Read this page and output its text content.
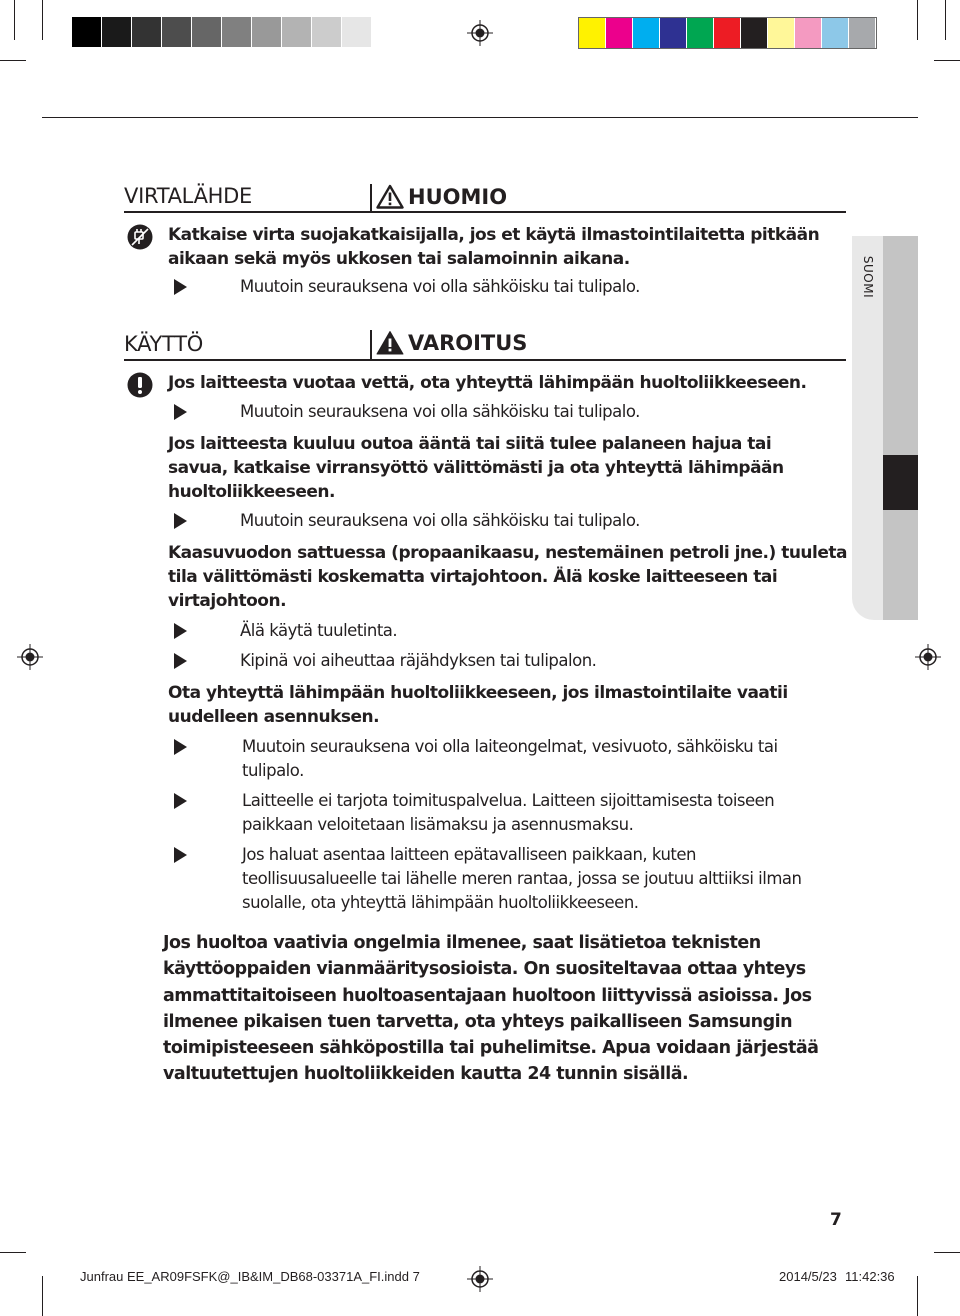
SUOMI
VIRTALÄHDE	HUOMIO
Katkaise virta suojakatkaisijalla, jos et käytä ilmastointilaitetta pitkään
aikaan sekä myös ukkosen tai salamoinnin aikana.
Muutoin seurauksena voi olla sähköisku tai tulipalo.
KÄYTTÖ	VAROITUS
Jos laitteesta vuotaa vettä, ota yhteyttä lähimpään huoltoliikkeeseen.
Muutoin seurauksena voi olla sähköisku tai tulipalo.
Jos laitteesta kuuluu outoa ääntä tai siitä tulee palaneen hajua tai
savua, katkaise virransyöttö välittömästi ja ota yhteyttä lähimpään
huoltoliikkeeseen.
Muutoin seurauksena voi olla sähköisku tai tulipalo.
Kaasuvuodon sattuessa (propaanikaasu, nestemäinen petroli jne.) tuuleta
tila välittömästi koskematta virtajohtoon. Älä koske laitteeseen tai
virtajohtoon.
Älä käytä tuuletinta.
Kipinä voi aiheuttaa räjähdyksen tai tulipalon.
Ota yhteyttä lähimpään huoltoliikkeeseen, jos ilmastointilaite vaatii
uudelleen asennuksen.
Muutoin seurauksena voi olla laiteongelmat, vesivuoto, sähköisku tai
tulipalo.
Laitteelle ei tarjota toimituspalvelua. Laitteen sijoittamisesta toiseen
paikkaan veloitetaan lisämaksu ja asennusmaksu.
Jos haluat asentaa laitteen epätavalliseen paikkaan, kuten
teollisuusalueelle tai lähelle meren rantaa, jossa se joutuu alttiiksi ilman
suolalle, ota yhteyttä lähimpään huoltoliikkeeseen.
Jos huoltoa vaativia ongelmia ilmenee, saat lisätietoa teknisten
käyttöoppaiden vianmääritysosioista. On suositeltavaa ottaa yhteys
ammattitaitoiseen huoltoasentajaan huoltoon liittyvissä asioissa. Jos
ilmenee pikaisen tuen tarvetta, ota yhteys paikalliseen Samsungin
toimipisteeseen sähköpostilla tai puhelimitse. Apua voidaan järjestää
valtuutettujen huoltoliikkeiden kautta 24 tunnin sisällä.
7
Junfrau EE_AR09FSFK@_IB&IM_DB68-03371A_FI.indd 7	2014/5/23 11:42:36
